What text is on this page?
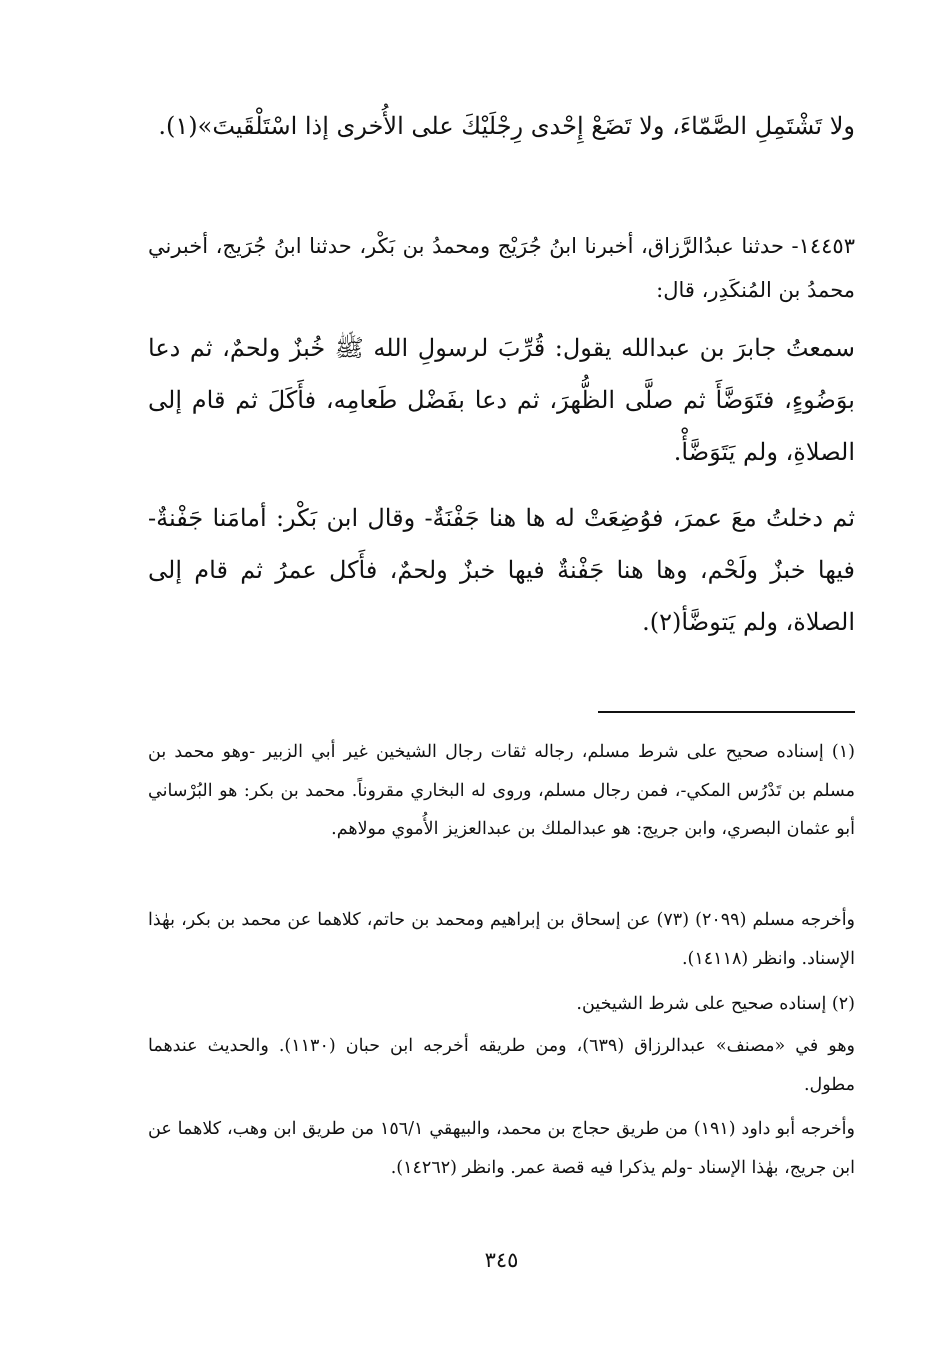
ولا تَشْتَمِلِ الصَّمّاءَ، ولا تَضَعْ إِحْدى رِجْلَيْكَ على الأُخرى إذا اسْتَلْقَيتَ»(١).

١٤٤٥٣- حدثنا عبدُالرَّزاق، أخبرنا ابنُ جُرَيْج ومحمدُ بن بَكْر، حدثنا ابنُ جُرَيج، أخبرني محمدُ بن المُنكَدِر، قال:

سمعتُ جابرَ بن عبدالله يقول: قُرِّبَ لرسولِ الله ﷺ خُبزٌ ولحمٌ، ثم دعا بوَضُوءٍ، فتَوَضَّأَ ثم صلَّى الظُّهرَ، ثم دعا بفَضْل طَعامِه، فأَكَلَ ثم قام إلى الصلاةِ، ولم يَتَوَضَّأْ.

ثم دخلتُ معَ عمرَ، فوُضِعَتْ له ها هنا جَفْنَةٌ- وقال ابن بَكْر: أمامَنا جَفْنةٌ- فيها خبزٌ ولَحْم، وها هنا جَفْنةٌ فيها خبزٌ ولحمٌ، فأَكل عمرُ ثم قام إلى الصلاة، ولم يَتوضَّأ(٢).

(١) إسناده صحيح على شرط مسلم، رجاله ثقات رجال الشيخين غير أبي الزبير -وهو محمد بن مسلم بن تَدْرُس المكي-، فمن رجال مسلم، وروى له البخاري مقروناً. محمد بن بكر: هو البُرْساني أبو عثمان البصري، وابن جريج: هو عبدالملك بن عبدالعزيز الأُموي مولاهم.

وأخرجه مسلم (٢٠٩٩) (٧٣) عن إسحاق بن إبراهيم ومحمد بن حاتم، كلاهما عن محمد بن بكر، بهٰذا الإسناد. وانظر (١٤١١٨).

(٢) إسناده صحيح على شرط الشيخين.

وهو في «مصنف» عبدالرزاق (٦٣٩)، ومن طريقه أخرجه ابن حبان (١١٣٠). والحديث عندهما مطول.

وأخرجه أبو داود (١٩١) من طريق حجاج بن محمد، والبيهقي ١٥٦/١ من طريق ابن وهب، كلاهما عن ابن جريج، بهٰذا الإسناد -ولم يذكرا فيه قصة عمر. وانظر (١٤٢٦٢).

٣٤٥
